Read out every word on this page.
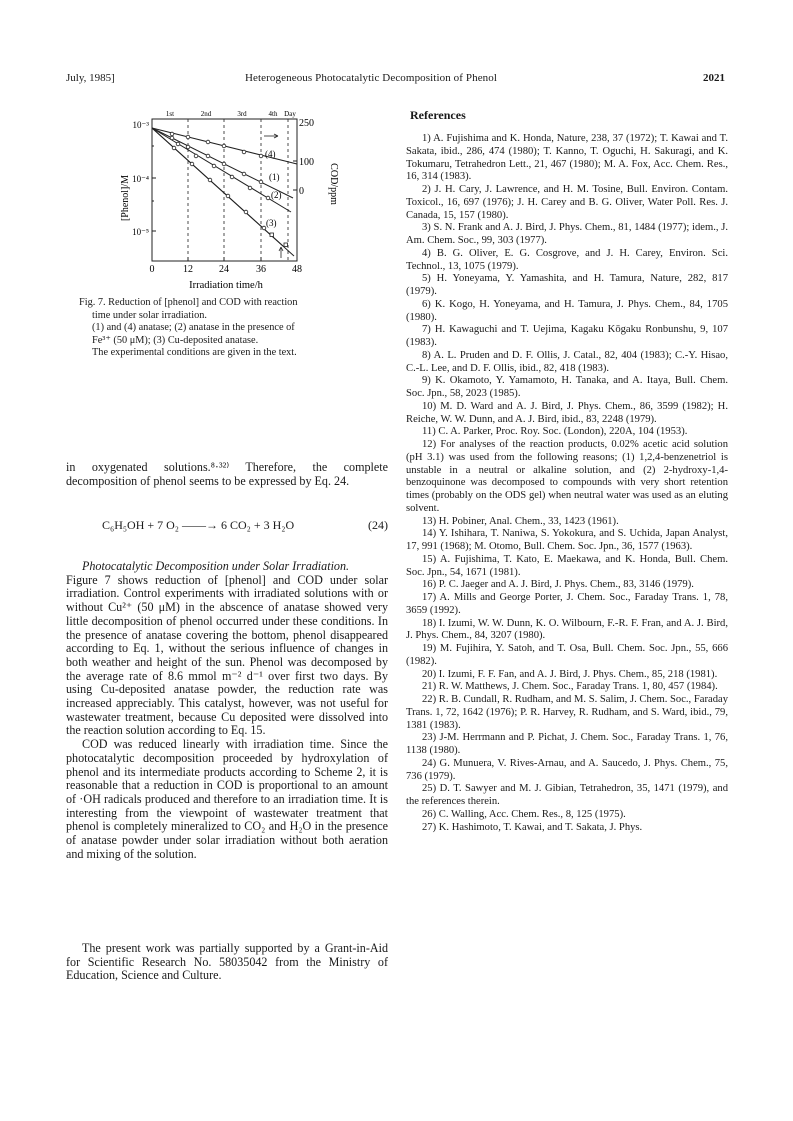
July, 1985]	Heterogeneous Photocatalytic Decomposition of Phenol	2021
0	12	24	36	48
Irradiation time/h
10⁻³
10⁻⁴
10⁻⁵
[Phenol]/M
250
100
0 COD/ppm
1st	2nd	3rd	4th Day
(4)
(1)
(2)
(3)

Fig. 7. Reduction of [phenol] and COD with reaction

time under solar irradiation.

(1) and (4) anatase; (2) anatase in the presence of

Fe³⁺ (50 μM); (3) Cu-deposited anatase.

The experimental conditions are given in the text.

in oxygenated solutions.⁸·³²⁾ Therefore, the complete decomposition of phenol seems to be expressed by Eq. 24.

C₆H₅OH + 7 O₂ ——→ 6 CO₂ + 3 H₂O	(24)

Photocatalytic Decomposition under Solar Irradiation.

Figure 7 shows reduction of [phenol] and COD under solar irradiation. Control experiments with irradiated solutions with or without Cu²⁺ (50 μM) in the abscence of anatase showed very little decomposition of phenol occurred under these conditions. In the presence of anatase covering the bottom, phenol disappeared according to Eq. 1, without the serious influence of changes in both weather and height of the sun. Phenol was decomposed by the average rate of 8.6 mmol m⁻² d⁻¹ over first two days. By using Cu-deposited anatase powder, the reduction rate was increased appreciably. This catalyst, however, was not useful for wastewater treatment, because Cu deposited were dissolved into the reaction solution according to Eq. 15.

COD was reduced linearly with irradiation time. Since the photocatalytic decomposition proceeded by hydroxylation of phenol and its intermediate products according to Scheme 2, it is reasonable that a reduction in COD is proportional to an amount of ·OH radicals produced and therefore to an irradiation time. It is interesting from the viewpoint of wastewater treatment that phenol is completely mineralized to CO₂ and H₂O in the presence of anatase powder under solar irradiation without both aeration and mixing of the solution.

The present work was partially supported by a Grant-in-Aid for Scientific Research No. 58035042 from the Ministry of Education, Science and Culture.

References

1) A. Fujishima and K. Honda, Nature, 238, 37 (1972); T. Kawai and T. Sakata, ibid., 286, 474 (1980); T. Kanno, T. Oguchi, H. Sakuragi, and K. Tokumaru, Tetrahedron Lett., 21, 467 (1980); M. A. Fox, Acc. Chem. Res., 16, 314 (1983).

2) J. H. Cary, J. Lawrence, and H. M. Tosine, Bull. Environ. Contam. Toxicol., 16, 697 (1976); J. H. Carey and B. G. Oliver, Water Poll. Res. J. Canada, 15, 157 (1980).

3) S. N. Frank and A. J. Bird, J. Phys. Chem., 81, 1484 (1977); idem., J. Am. Chem. Soc., 99, 303 (1977).

4) B. G. Oliver, E. G. Cosgrove, and J. H. Carey, Environ. Sci. Technol., 13, 1075 (1979).

5) H. Yoneyama, Y. Yamashita, and H. Tamura, Nature, 282, 817 (1979).

6) K. Kogo, H. Yoneyama, and H. Tamura, J. Phys. Chem., 84, 1705 (1980).

7) H. Kawaguchi and T. Uejima, Kagaku Kōgaku Ronbunshu, 9, 107 (1983).

8) A. L. Pruden and D. F. Ollis, J. Catal., 82, 404 (1983); C.-Y. Hisao, C.-L. Lee, and D. F. Ollis, ibid., 82, 418 (1983).

9) K. Okamoto, Y. Yamamoto, H. Tanaka, and A. Itaya, Bull. Chem. Soc. Jpn., 58, 2023 (1985).

10) M. D. Ward and A. J. Bird, J. Phys. Chem., 86, 3599 (1982); H. Reiche, W. W. Dunn, and A. J. Bird, ibid., 83, 2248 (1979).

11) C. A. Parker, Proc. Roy. Soc. (London), 220A, 104 (1953).

12) For analyses of the reaction products, 0.02% acetic acid solution (pH 3.1) was used from the following reasons; (1) 1,2,4-benzenetriol is unstable in a neutral or alkaline solution, and (2) 2-hydroxy-1,4-benzoquinone was decomposed to compounds with very short retention times (probably on the ODS gel) when neutral water was used as an eluting solvent.

13) H. Pobiner, Anal. Chem., 33, 1423 (1961).

14) Y. Ishihara, T. Naniwa, S. Yokokura, and S. Uchida, Japan Analyst, 17, 991 (1968); M. Otomo, Bull. Chem. Soc. Jpn., 36, 1577 (1963).

15) A. Fujishima, T. Kato, E. Maekawa, and K. Honda, Bull. Chem. Soc. Jpn., 54, 1671 (1981).

16) P. C. Jaeger and A. J. Bird, J. Phys. Chem., 83, 3146 (1979).

17) A. Mills and George Porter, J. Chem. Soc., Faraday Trans. 1, 78, 3659 (1992).

18) I. Izumi, W. W. Dunn, K. O. Wilbourn, F.-R. F. Fran, and A. J. Bird, J. Phys. Chem., 84, 3207 (1980).

19) M. Fujihira, Y. Satoh, and T. Osa, Bull. Chem. Soc. Jpn., 55, 666 (1982).

20) I. Izumi, F. F. Fan, and A. J. Bird, J. Phys. Chem., 85, 218 (1981).

21) R. W. Matthews, J. Chem. Soc., Faraday Trans. 1, 80, 457 (1984).

22) R. B. Cundall, R. Rudham, and M. S. Salim, J. Chem. Soc., Faraday Trans. 1, 72, 1642 (1976); P. R. Harvey, R. Rudham, and S. Ward, ibid., 79, 1381 (1983).

23) J-M. Herrmann and P. Pichat, J. Chem. Soc., Faraday Trans. 1, 76, 1138 (1980).

24) G. Munuera, V. Rives-Arnau, and A. Saucedo, J. Phys. Chem., 75, 736 (1979).

25) D. T. Sawyer and M. J. Gibian, Tetrahedron, 35, 1471 (1979), and the references therein.

26) C. Walling, Acc. Chem. Res., 8, 125 (1975).

27) K. Hashimoto, T. Kawai, and T. Sakata, J. Phys.
